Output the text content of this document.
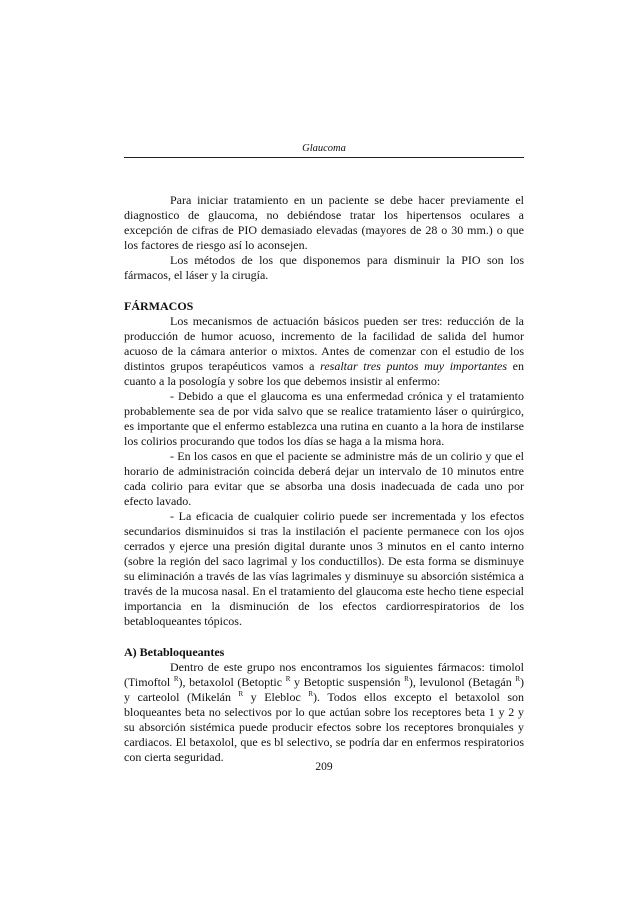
Glaucoma

Para iniciar tratamiento en un paciente se debe hacer previamente el diagnostico de glaucoma, no debiéndose tratar los hipertensos oculares a excepción de cifras de PIO demasiado elevadas (mayores de 28 o 30 mm.) o que los factores de riesgo así lo aconsejen.

Los métodos de los que disponemos para disminuir la PIO son los fármacos, el láser y la cirugía.

FÁRMACOS

Los mecanismos de actuación básicos pueden ser tres: reducción de la producción de humor acuoso, incremento de la facilidad de salida del humor acuoso de la cámara anterior o mixtos. Antes de comenzar con el estudio de los distintos grupos terapéuticos vamos a resaltar tres puntos muy importantes en cuanto a la posología y sobre los que debemos insistir al enfermo:

- Debido a que el glaucoma es una enfermedad crónica y el tratamiento probablemente sea de por vida salvo que se realice tratamiento láser o quirúrgico, es importante que el enfermo establezca una rutina en cuanto a la hora de instilarse los colirios procurando que todos los días se haga a la misma hora.

- En los casos en que el paciente se administre más de un colirio y que el horario de administración coincida deberá dejar un intervalo de 10 minutos entre cada colirio para evitar que se absorba una dosis inadecuada de cada uno por efecto lavado.

- La eficacia de cualquier colirio puede ser incrementada y los efectos secundarios disminuidos si tras la instilación el paciente permanece con los ojos cerrados y ejerce una presión digital durante unos 3 minutos en el canto interno (sobre la región del saco lagrimal y los conductillos). De esta forma se disminuye su eliminación a través de las vías lagrimales y disminuye su absorción sistémica a través de la mucosa nasal. En el tratamiento del glaucoma este hecho tiene especial importancia en la disminución de los efectos cardiorrespiratorios de los betabloqueantes tópicos.

A) Betabloqueantes

Dentro de este grupo nos encontramos los siguientes fármacos: timolol (Timoftol $^R$), betaxolol (Betoptic $^R$ y Betoptic suspensión $^R$), levulonol (Betagán $^R$) y carteolol (Mikelán $^R$ y Elebloc $^R$). Todos ellos excepto el betaxolol son bloqueantes beta no selectivos por lo que actúan sobre los receptores beta 1 y 2 y su absorción sistémica puede producir efectos sobre los receptores bronquiales y cardiacos. El betaxolol, que es bl selectivo, se podría dar en enfermos respiratorios con cierta seguridad.

209
